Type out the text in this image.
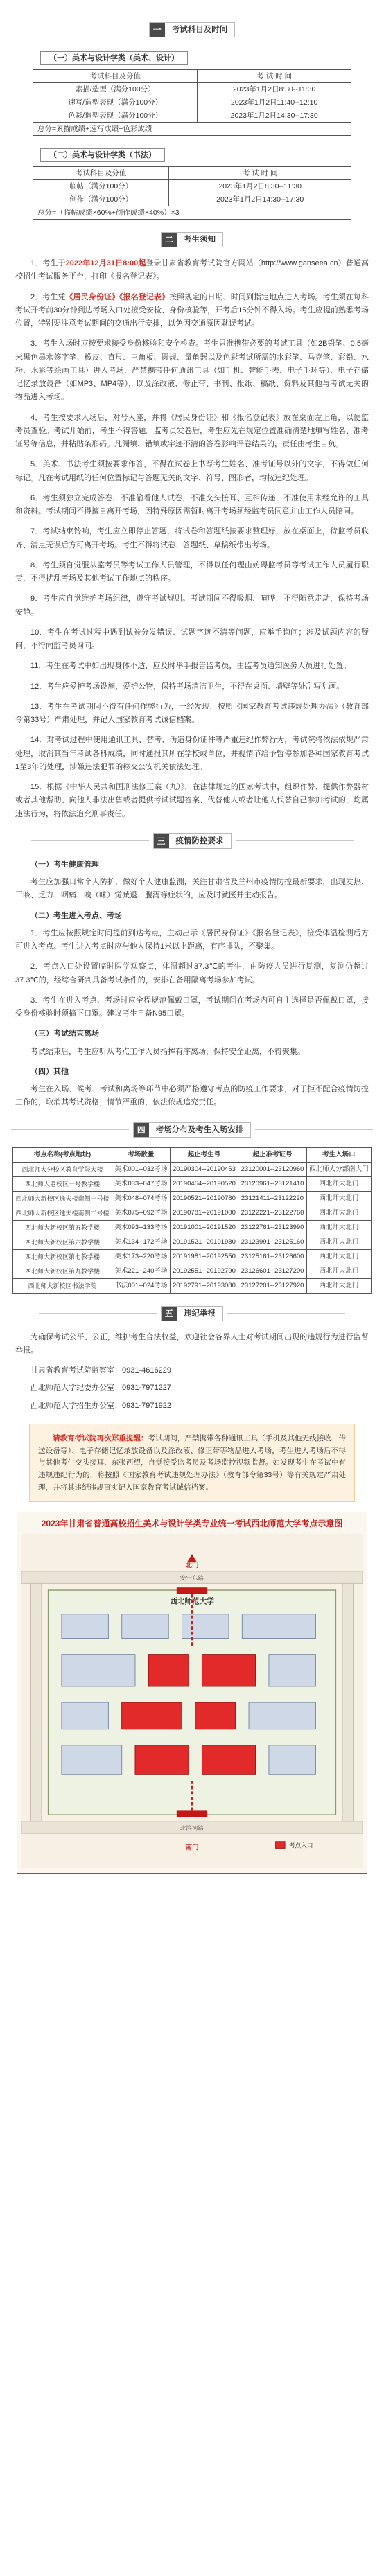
一	考试科目及时间
（一）美术与设计学类（美术、设计）
考试科目及分值	考 试 时 间
素描/造型（满分100分）	2023年1月2日8:30--11:30
速写/造型表现（满分100分）	2023年1月2日11:40--12:10
色彩/造型表现（满分100分）	2023年1月2日14:30--17:30
总分=素描成绩+速写成绩+色彩成绩	
（二）美术与设计学类（书法）
考试科目及分值	考 试 时 间
临帖（满分100分）	2023年1月2日8:30--11:30
创作（满分100分）	2023年1月2日14:30--17:30
总分=（临帖成绩×60%+创作成绩×40%）×3	
二	考生须知

1．考生于2022年12月31日8:00起登录甘肃省教育考试院官方网站（http://www.ganseea.cn）普通高校招生考试服务平台，打印《报名登记表》。

2．考生凭《居民身份证》《报名登记表》按照规定的日期、时间到指定地点进入考场。考生须在每科考试开考前30分钟到达考场入口处接受安检、身份核验等，开考后15分钟不得入场。考生应提前熟悉考场位置，特别要注意考试期间的交通出行安排，以免因交通原因耽误考试。

3．考生入场时应按要求接受身份核验和安全检查。考生只准携带必要的考试工具（如2B铅笔、0.5毫米黑色墨水签字笔、橡皮、直尺、三角板、圆规、量角器以及色彩考试所需的水彩笔、马克笔、彩铅、水粉、水彩等绘画工具）进入考场，严禁携带任何通讯工具（如手机、智能手表、电子手环等）、电子存储记忆录放设备（如MP3、MP4等），以及涂改液、修正带、书刊、报纸、稿纸、资料及其他与考试无关的物品进入考场。

4．考生按要求入场后，对号入座，并将《居民身份证》和《报名登记表》放在桌面左上角，以便监考员查验。考试开始前，考生不得答题。监考员发卷后，考生应先在规定位置准确清楚地填写姓名、准考证号等信息，并粘贴条形码。凡漏填、错填或字迹不清的答卷影响评卷结果的，责任由考生自负。

5．美术、书法考生须按要求作答，不得在试卷上书写考生姓名、准考证号以外的文字，不得做任何标记。凡在考试用纸的任何位置标记与答题无关的文字、符号、图形者，均按违纪处理。

6．考生须独立完成答卷，不准偷看他人试卷，不准交头接耳、互相传递，不准使用未经允许的工具和资料。考试期间不得擅自离开考场，因特殊原因需暂时离开考场须经监考员同意并由工作人员陪同。

7．考试结束铃响，考生应立即停止答题，将试卷和答题纸按要求整理好，放在桌面上，待监考员收齐、清点无误后方可离开考场。考生不得将试卷、答题纸、草稿纸带出考场。

8．考生须自觉服从监考员等考试工作人员管理，不得以任何理由妨碍监考员等考试工作人员履行职责，不得扰乱考场及其他考试工作地点的秩序。

9．考生应自觉维护考场纪律，遵守考试规则。考试期间不得吸烟、喧哗，不得随意走动，保持考场安静。

10．考生在考试过程中遇到试卷分发错误、试题字迹不清等问题，应举手询问；涉及试题内容的疑问，不得向监考员询问。

11．考生在考试中如出现身体不适，应及时举手报告监考员，由监考员通知医务人员进行处置。

12．考生应爱护考场设施，爱护公物，保持考场清洁卫生，不得在桌面、墙壁等处乱写乱画。

13．考生在考试期间不得有任何作弊行为，一经发现，按照《国家教育考试违规处理办法》（教育部令第33号）严肃处理，并记入国家教育考试诚信档案。

14．对考试过程中使用通讯工具、替考、伪造身份证件等严重违纪作弊行为，考试院将依法依规严肃处理，取消其当年考试各科成绩，同时通报其所在学校或单位，并视情节给予暂停参加各种国家教育考试1至3年的处理，涉嫌违法犯罪的移交公安机关依法处理。

15．根据《中华人民共和国刑法修正案（九）》，在法律规定的国家考试中，组织作弊、提供作弊器材或者其他帮助、向他人非法出售或者提供考试试题答案、代替他人或者让他人代替自己参加考试的，均属违法行为，将依法追究刑事责任。

三	疫情防控要求
（一）考生健康管理

考生应加强日常个人防护，做好个人健康监测，关注甘肃省及兰州市疫情防控最新要求，出现发热、干咳、乏力、咽痛、嗅（味）觉减退、腹泻等症状的，应及时就医并主动报告。

（二）考生进入考点、考场

1．考生应按照规定时间提前到达考点，主动出示《居民身份证》《报名登记表》，接受体温检测后方可进入考点。考生进入考点时应与他人保持1米以上距离，有序排队，不聚集。

2．考点入口处设置临时医学观察点，体温超过37.3℃的考生，由防疫人员进行复测，复测仍超过37.3℃的，经综合研判具备考试条件的，安排在备用隔离考场参加考试。

3．考生在进入考点、考场时应全程规范佩戴口罩，考试期间在考场内可自主选择是否佩戴口罩，接受身份核验时须摘下口罩。建议考生自备N95口罩。

（三）考试结束离场

考试结束后，考生应听从考点工作人员指挥有序离场，保持安全距离，不得聚集。

（四）其他

考生在入场、候考、考试和离场等环节中必须严格遵守考点的防疫工作要求，对于拒不配合疫情防控工作的，取消其考试资格；情节严重的，依法依规追究责任。

四	考场分布及考生入场安排
考点名称(考点地址)	考场数量	起止考生号	起止准考证号	考生入场口
西北师大分校区教育学院大楼	美术001--032考场	20190304--20190453	23120001--23120960	西北师大分部南大门
西北师大老校区一号教学楼	美术033--047考场	20190454--20190520	23120961--23121410	西北师大北门
西北师大新校区逸夫楼南侧一号楼	美术048--074考场	20190521--20190780	23121411--23122220	西北师大北门
西北师大新校区逸夫楼南侧二号楼	美术075--092考场	20190781--20191000	23122221--23122760	西北师大北门
西北师大新校区第五教学楼	美术093--133考场	20191001--20191520	23122761--23123990	西北师大北门
西北师大新校区第六教学楼	美术134--172考场	20191521--20191980	23123991--23125160	西北师大北门
西北师大新校区第七教学楼	美术173--220考场	20191981--20192550	23125161--23126600	西北师大北门
西北师大新校区第九教学楼	美术221--240考场	20192551--20192790	23126601--23127200	西北师大北门
西北师大新校区书法学院	书法001--024考场	20192791--20193080	23127201--23127920	西北师大北门
五	违纪举报

为确保考试公平、公正，维护考生合法权益，欢迎社会各界人士对考试期间出现的违规行为进行监督举报。

甘肃省教育考试院监察室：0931-4616229

西北师范大学纪委办公室：0931-7971227

西北师范大学招生办公室：0931-7971922

请教育考试院再次郑重提醒：考试期间，严禁携带各种通讯工具（手机及其他无线接收、传送设备等）、电子存储记忆录放设备以及涂改液、修正带等物品进入考场，考生进入考场后不得与其他考生交头接耳、东张西望，自觉接受监考员及考场监控视频监督。如发现考生在考试中有违规违纪行为的，将按照《国家教育考试违规处理办法》（教育部令第33号）等有关规定严肃处理，并将其违纪违规事实记入国家教育考试诚信档案。
2023年甘肃省普通高校招生美术与设计学类专业统一考试西北师范大学考点示意图
安宁东路
北滨河路
西北师范大学
北门
南门	考点入口
